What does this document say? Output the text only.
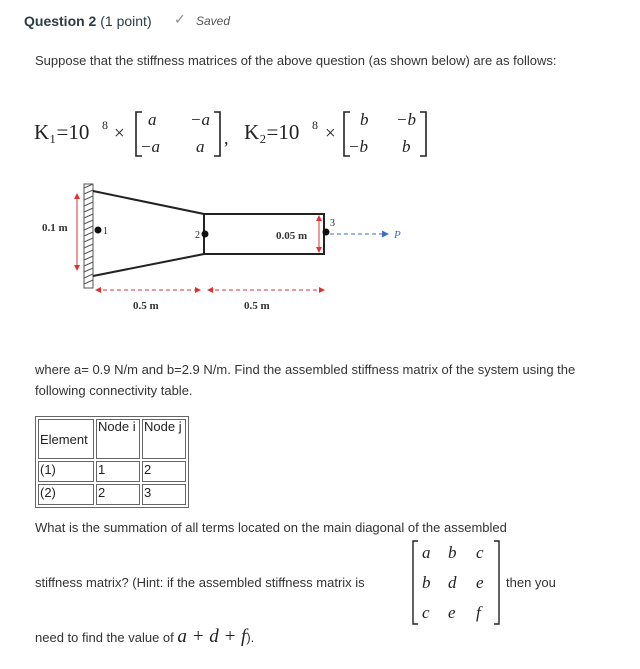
Question 2 (1 point) ✓ Saved
Suppose that the stiffness matrices of the above question (as shown below) are as follows:
K₁=10 8 ×
a −a
−a a , K₂=10 8 ×
b −b
−b b
1	2
3
0.1 m
0.05 m	P
0.5 m	0.5 m
where a= 0.9 N/m and b=2.9 N/m. Find the assembled stiffness matrix of the system using the following connectivity table.
Element	Node i	Node j
(1)	1	2
(2)	2	3
What is the summation of all terms located on the main diagonal of the assembled
stiffness matrix? (Hint: if the assembled stiffness matrix is	then you
a b c
b d e
c e f
need to find the value of a + d + f).
